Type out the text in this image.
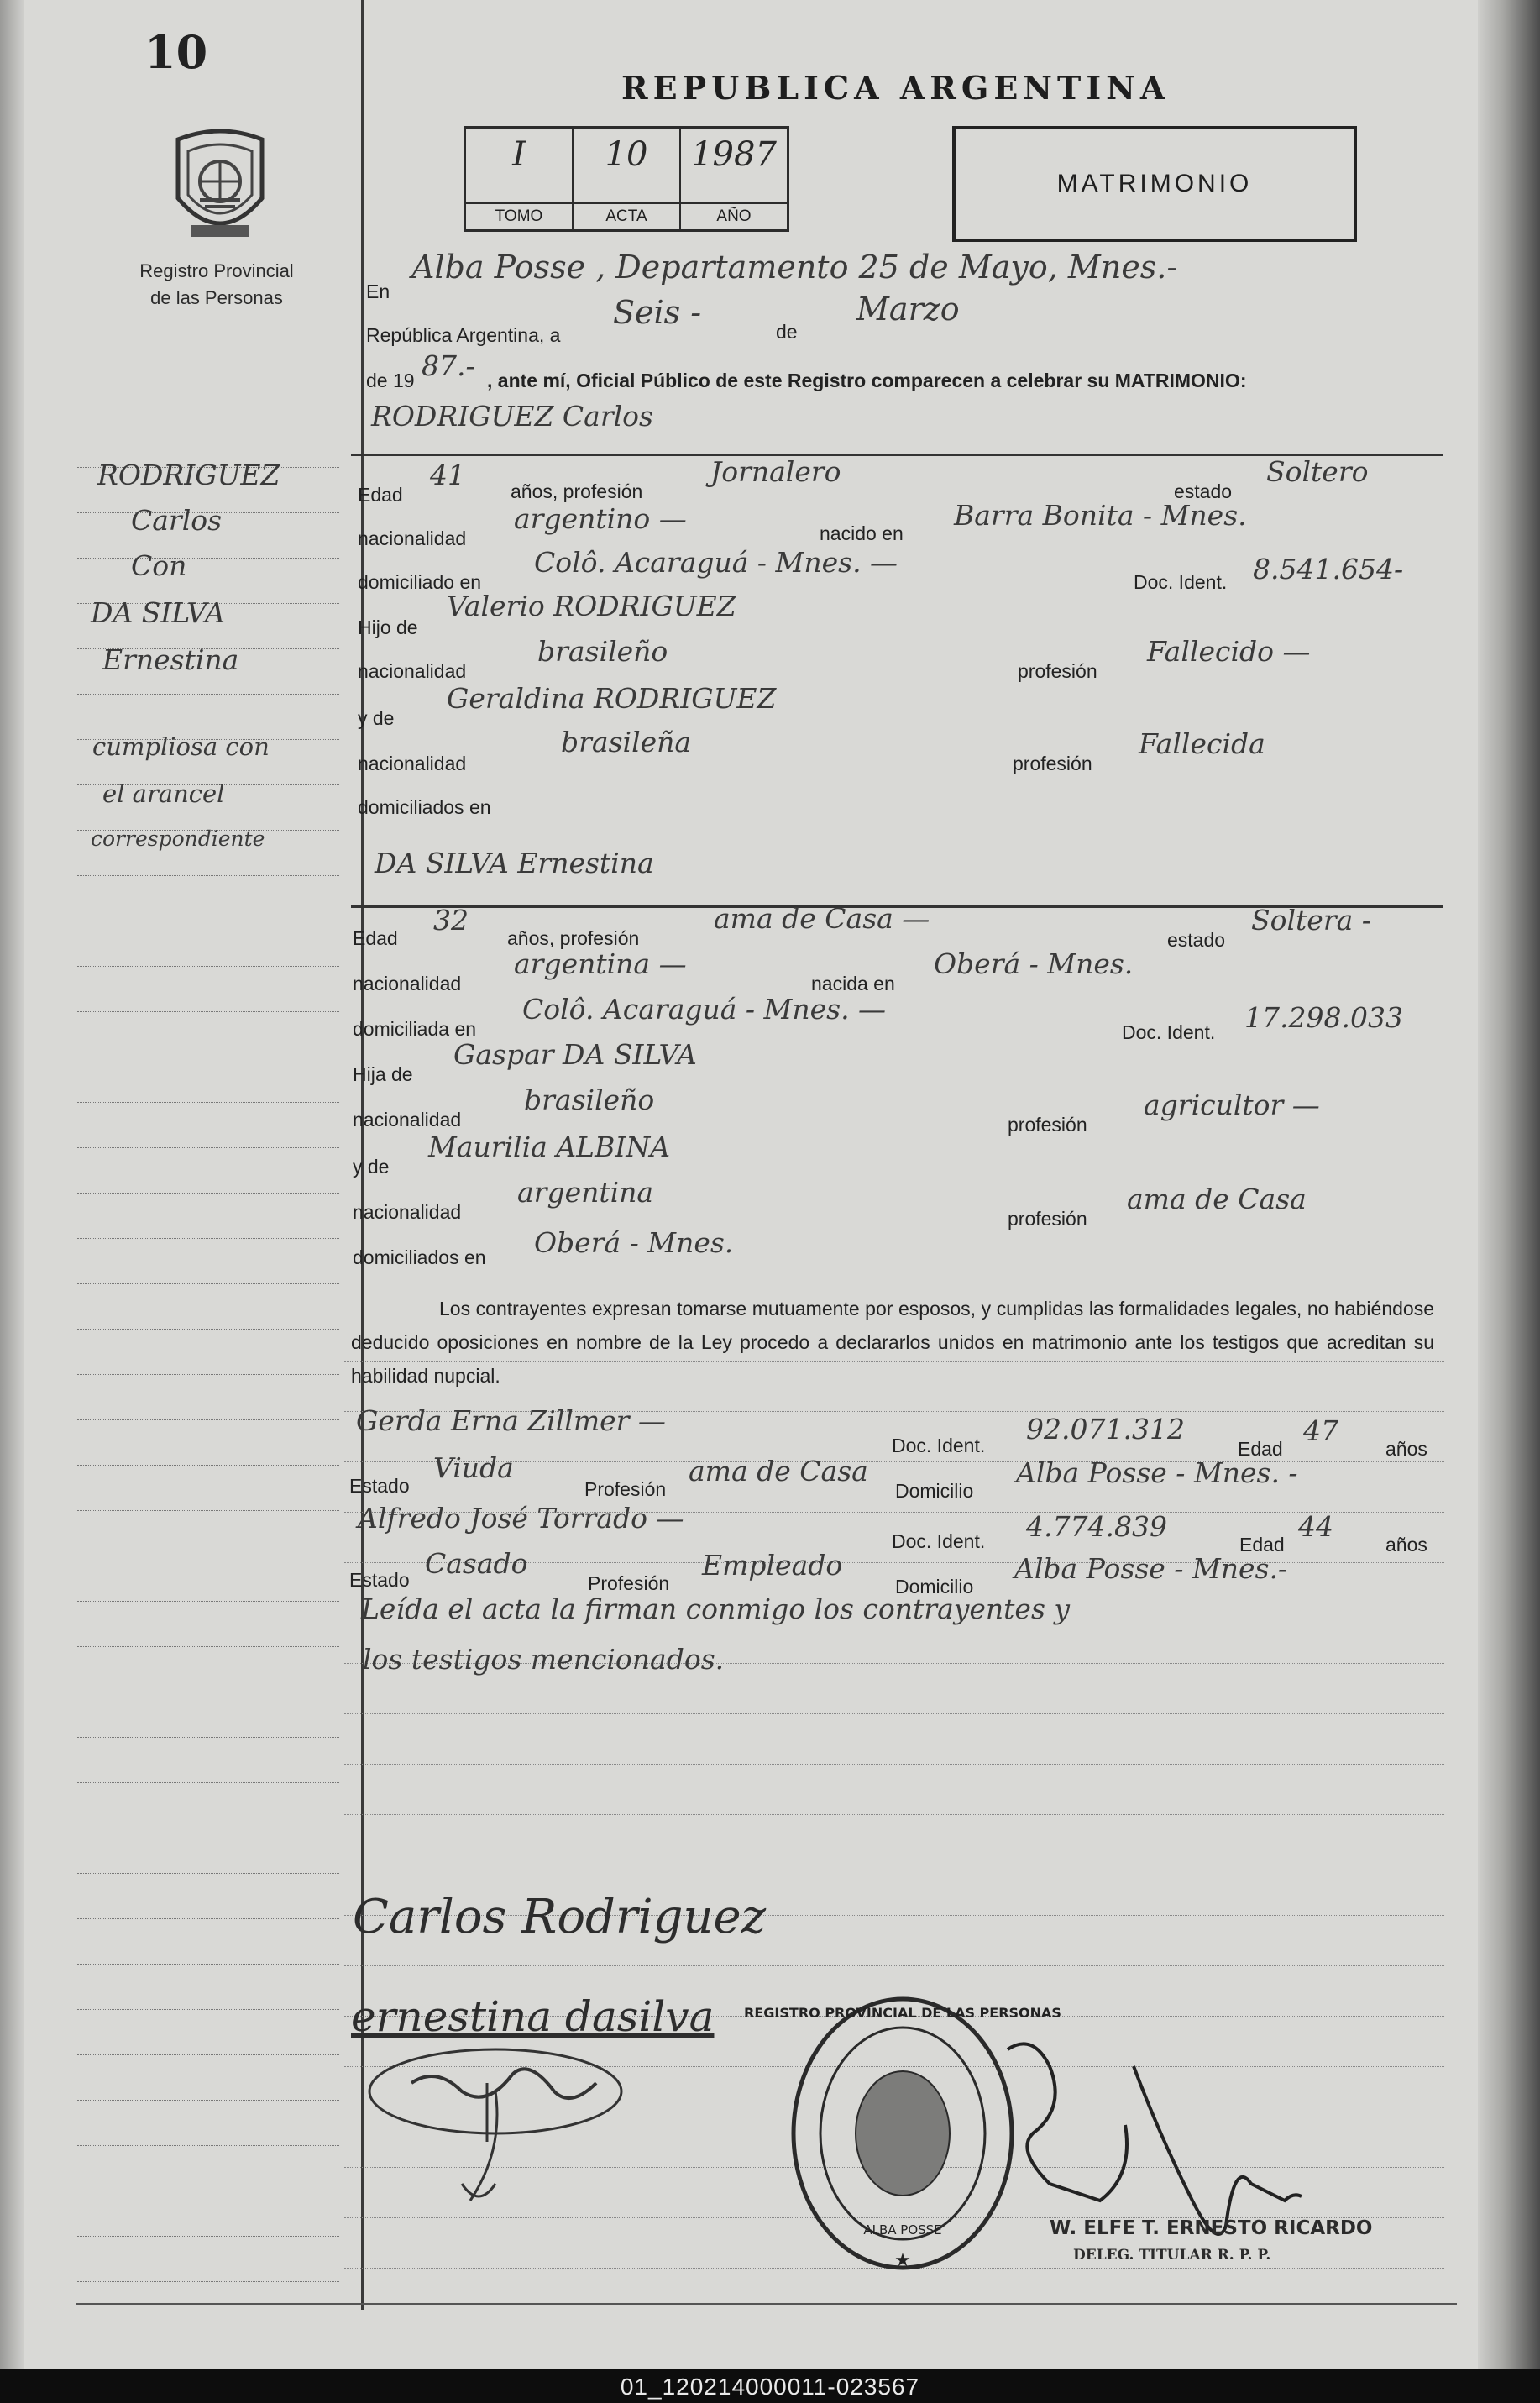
10
Registro Provincial
de las Personas
REPUBLICA ARGENTINA
I
TOMO
10
ACTA
1987
AÑO
MATRIMONIO
En
Alba Posse , Departamento 25 de Mayo, Mnes.-
República Argentina, a
Seis -
de
Marzo
de 19 87.- , ante mí, Oficial Público de este Registro comparecen a celebrar su MATRIMONIO:
RODRIGUEZ Carlos
Edad
41 años, profesión
Jornalero
estado
Soltero
nacionalidad
argentino —	nacido en
Barra Bonita - Mnes.
domiciliado en
Colô. Acaraguá - Mnes. —
Doc. Ident. 8.541.654-
Hijo de
Valerio RODRIGUEZ
nacionalidad
brasileño
profesión
Fallecido —
y de
Geraldina RODRIGUEZ
nacionalidad
brasileña
profesión
Fallecida
domiciliados en
DA SILVA Ernestina
Edad
32
años, profesión
ama de Casa —
estado
Soltera -
nacionalidad
argentina —
nacida en
Oberá - Mnes.
domiciliada en
Colô. Acaraguá - Mnes. —
Doc. Ident. 17.298.033
Hija de
Gaspar DA SILVA
nacionalidad
brasileño
profesión
agricultor —
y de
Maurilia ALBINA
nacionalidad
argentina
profesión
ama de Casa
domiciliados en Oberá - Mnes.
Los contrayentes expresan tomarse mutuamente por esposos, y cumplidas las formalidades legales, no habiéndose deducido oposiciones en nombre de la Ley procedo a declararlos unidos en matrimonio ante los testigos que acreditan su habilidad nupcial.
Gerda Erna Zillmer —
Doc. Ident. 92.071.312
Edad
47
años
Estado
Viuda
Profesión
ama de Casa
Domicilio
Alba Posse - Mnes. -
Alfredo José Torrado —
Doc. Ident. 4.774.839
Edad
44
años
Estado Casado
Profesión
Empleado
Domicilio
Alba Posse - Mnes.-
Leída el acta la firman conmigo los contrayentes y
los testigos mencionados.
RODRIGUEZ
Carlos
Con
DA SILVA
Ernestina
cumpliosa con
el arancel
correspondiente
Carlos Rodriguez
ernestina dasilva REGISTRO PROVINCIAL DE LAS PERSONAS
ALBA POSSE
★
W. ELFE T. ERNESTO RICARDO
DELEG. TITULAR R. P. P.
01_120214000011-023567
